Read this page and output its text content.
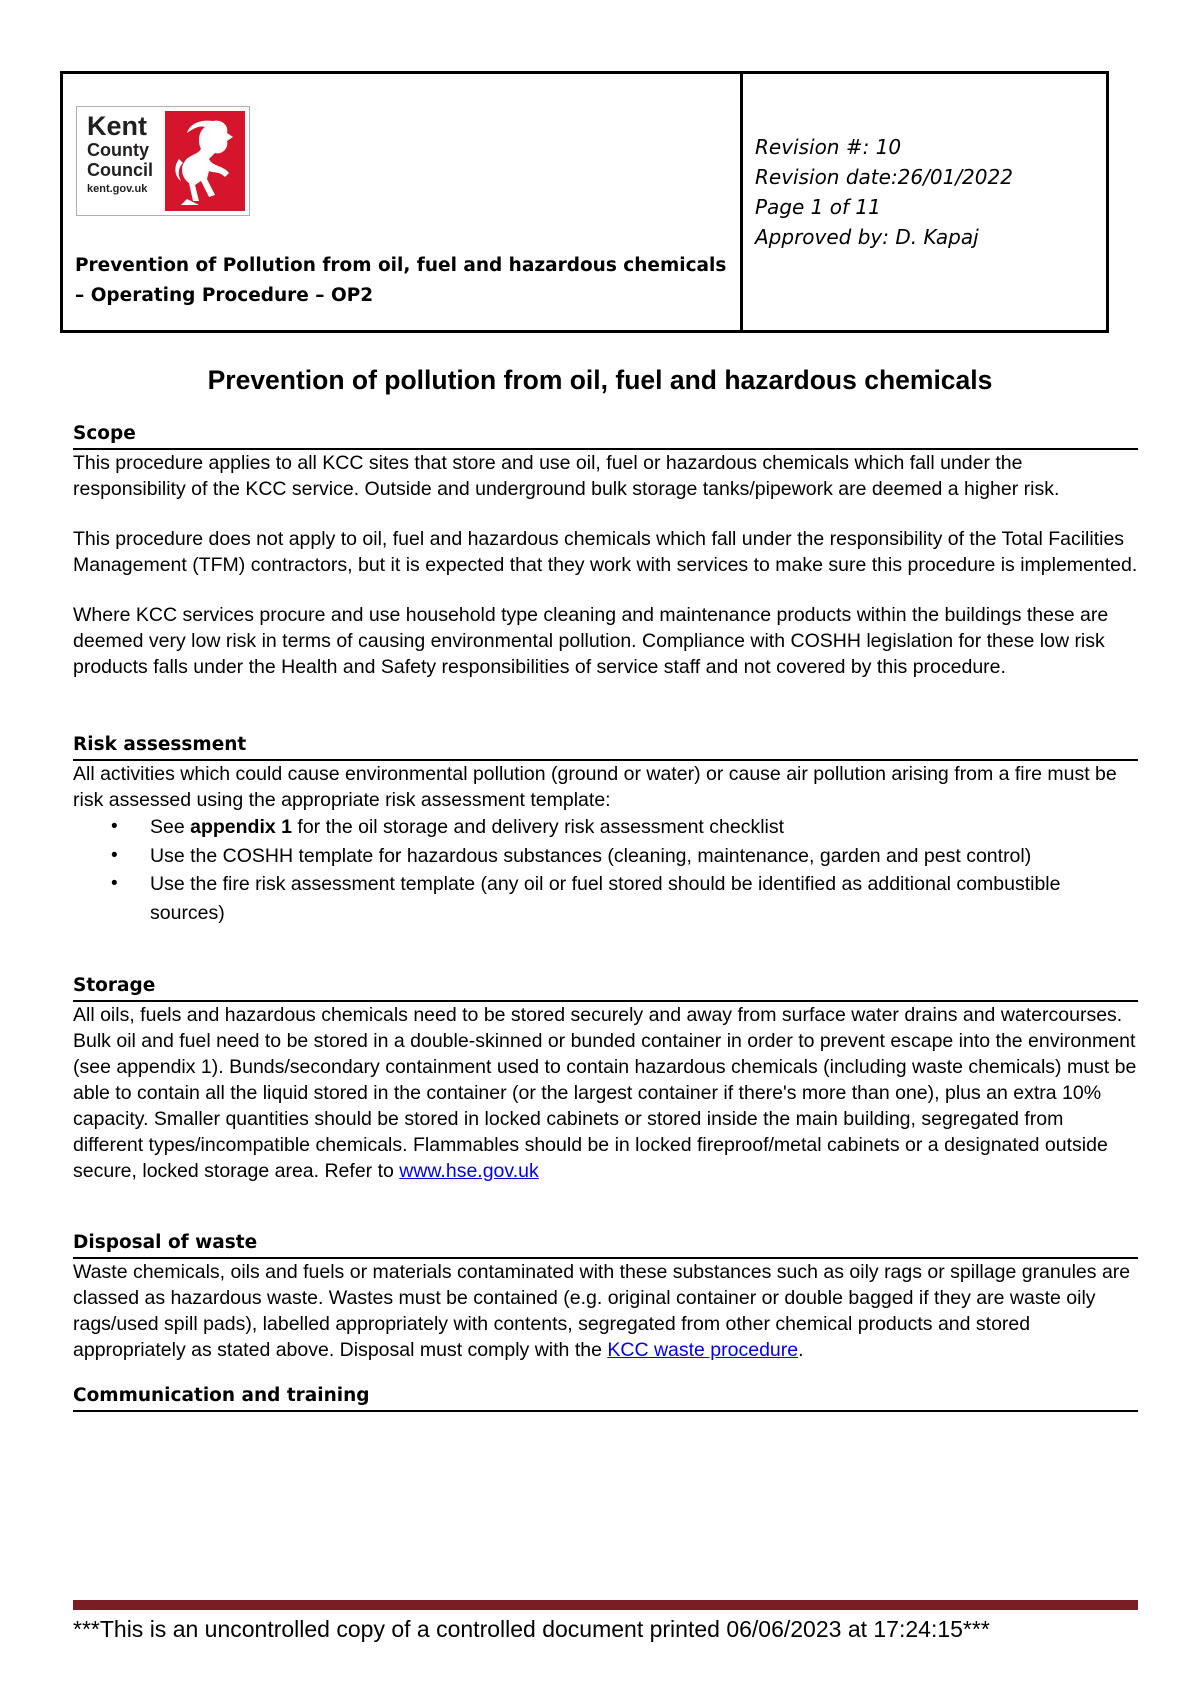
Kent
County
Council
kent.gov.uk
Prevention of Pollution from oil, fuel and hazardous chemicals – Operating Procedure – OP2
Revision #: 10
Revision date:26/01/2022
Page 1 of 11
Approved by: D. Kapaj
Prevention of pollution from oil, fuel and hazardous chemicals
Scope

This procedure applies to all KCC sites that store and use oil, fuel or hazardous chemicals which fall under the responsibility of the KCC service. Outside and underground bulk storage tanks/pipework are deemed a higher risk.

This procedure does not apply to oil, fuel and hazardous chemicals which fall under the responsibility of the Total Facilities Management (TFM) contractors, but it is expected that they work with services to make sure this procedure is implemented.

Where KCC services procure and use household type cleaning and maintenance products within the buildings these are deemed very low risk in terms of causing environmental pollution. Compliance with COSHH legislation for these low risk products falls under the Health and Safety responsibilities of service staff and not covered by this procedure.

Risk assessment

All activities which could cause environmental pollution (ground or water) or cause air pollution arising from a fire must be risk assessed using the appropriate risk assessment template:

• See appendix 1 for the oil storage and delivery risk assessment checklist
• Use the COSHH template for hazardous substances (cleaning, maintenance, garden and pest control)
• Use the fire risk assessment template (any oil or fuel stored should be identified as additional combustible sources)
Storage

All oils, fuels and hazardous chemicals need to be stored securely and away from surface water drains and watercourses. Bulk oil and fuel need to be stored in a double-skinned or bunded container in order to prevent escape into the environment (see appendix 1). Bunds/secondary containment used to contain hazardous chemicals (including waste chemicals) must be able to contain all the liquid stored in the container (or the largest container if there's more than one), plus an extra 10% capacity. Smaller quantities should be stored in locked cabinets or stored inside the main building, segregated from different types/incompatible chemicals. Flammables should be in locked fireproof/metal cabinets or a designated outside secure, locked storage area. Refer to www.hse.gov.uk

Disposal of waste

Waste chemicals, oils and fuels or materials contaminated with these substances such as oily rags or spillage granules are classed as hazardous waste. Wastes must be contained (e.g. original container or double bagged if they are waste oily rags/used spill pads), labelled appropriately with contents, segregated from other chemical products and stored appropriately as stated above. Disposal must comply with the KCC waste procedure.

Communication and training
***This is an uncontrolled copy of a controlled document printed 06/06/2023 at 17:24:15***
